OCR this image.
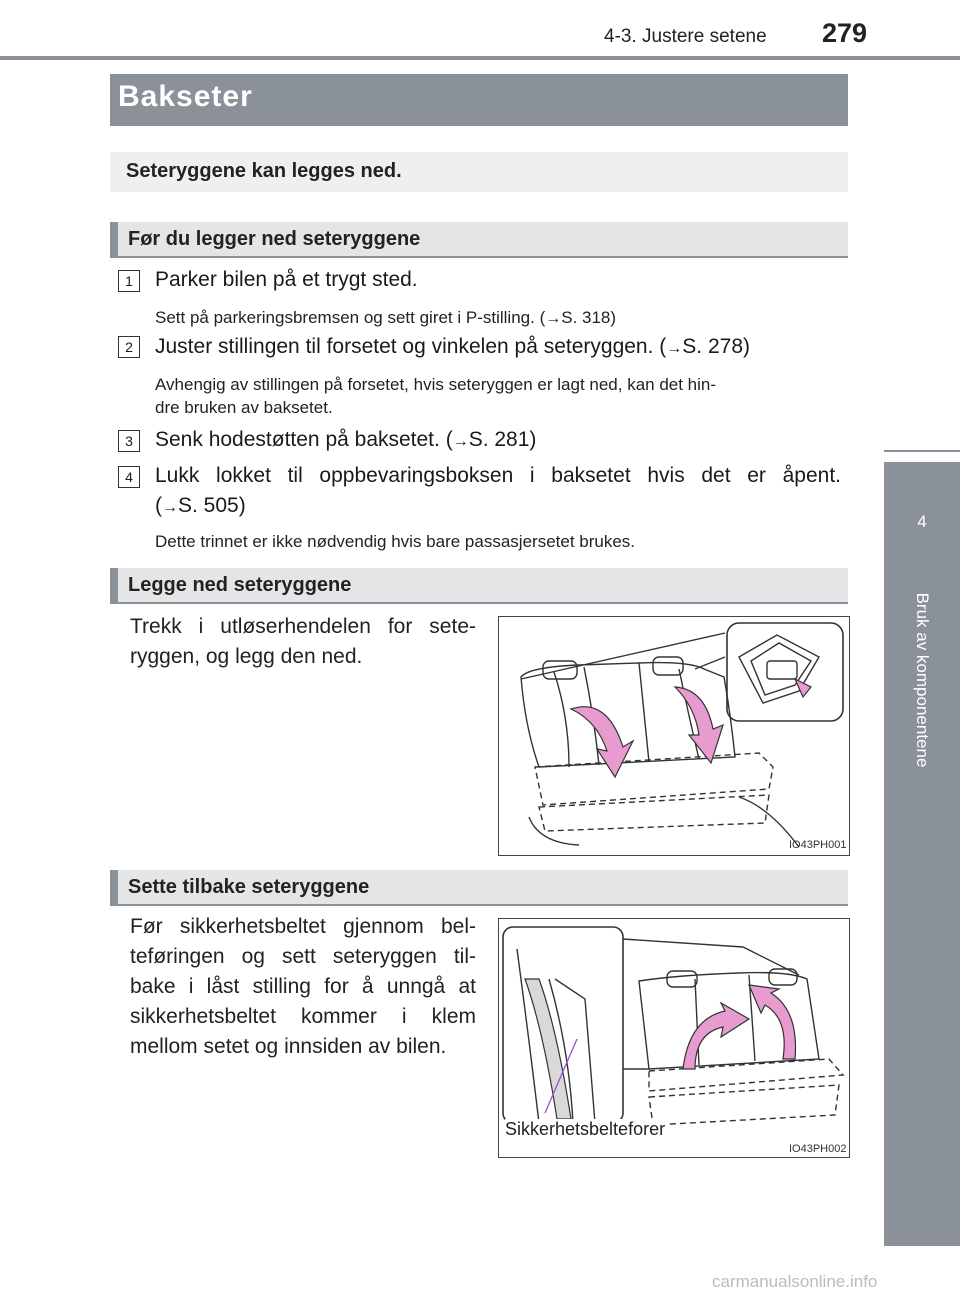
4-3. Justere setene 279
4
Bruk av komponentene
Bakseter
Seteryggene kan legges ned.
Før du legger ned seteryggene
1	Parker bilen på et trygt sted.
Sett på parkeringsbremsen og sett giret i P-stilling. (→S. 318)
2	Juster stillingen til forsetet og vinkelen på seteryggen. (→S. 278)
Avhengig av stillingen på forsetet, hvis seteryggen er lagt ned, kan det hin-
dre bruken av baksetet.
3	Senk hodestøtten på baksetet. (→S. 281)
4	Lukk lokket til oppbevaringsboksen i baksetet hvis det er åpent.
(→S. 505)
Dette trinnet er ikke nødvendig hvis bare passasjersetet brukes.
Legge ned seteryggene
Trekk i utløserhendelen for sete-
ryggen, og legg den ned.
IO43PH001
Sette tilbake seteryggene
Før sikkerhetsbeltet gjennom bel-
teføringen og sett seteryggen til-
bake i låst stilling for å unngå at
sikkerhetsbeltet kommer i klem
mellom setet og innsiden av bilen.
Sikkerhetsbelteforer
IO43PH002
carmanualsonline.info
